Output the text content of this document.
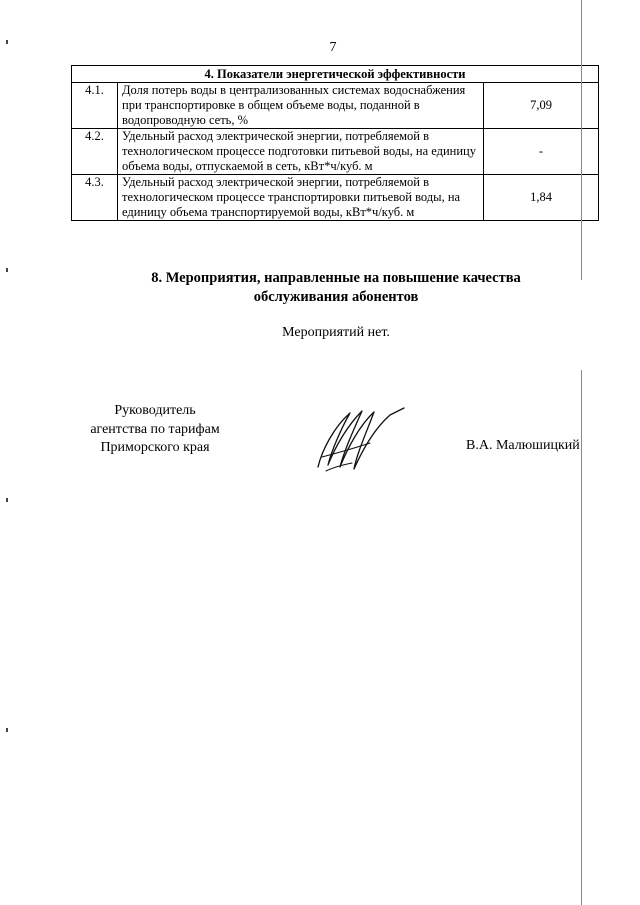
7
4. Показатели энергетической эффективности		
4.1.	Доля потерь воды в централизованных системах водоснабжения при транспортировке в общем объеме воды, поданной в водопроводную сеть, %	7,09
4.2.	Удельный расход электрической энергии, потребляемой в технологическом процессе подготовки питьевой воды, на единицу объема воды, отпускаемой в сеть, кВт*ч/куб. м	-
4.3.	Удельный расход электрической энергии, потребляемой в технологическом процессе транспортировки питьевой воды, на единицу объема транспортируемой воды, кВт*ч/куб. м	1,84
8. Мероприятия, направленные на повышение качества
обслуживания абонентов
Мероприятий нет.
Руководитель
агентства по тарифам
Приморского края	В.А. Малюшицкий
